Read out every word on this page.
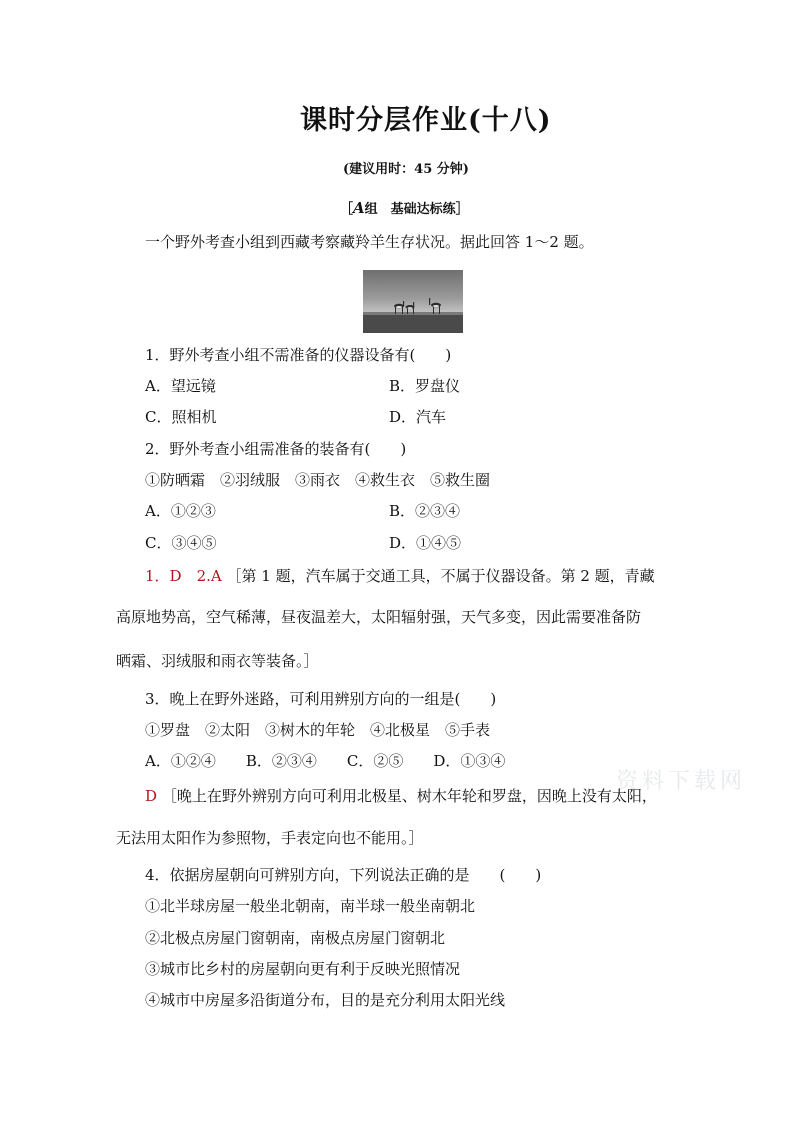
课时分层作业(十八)
(建议用时：45 分钟)
［A组　基础达标练］
一个野外考查小组到西藏考察藏羚羊生存状况。据此回答 1～2 题。
1．野外考查小组不需准备的仪器设备有(　　)
A．望远镜	B．罗盘仪
C．照相机	D．汽车
2．野外考查小组需准备的装备有(　　)
①防晒霜　②羽绒服　③雨衣　④救生衣　⑤救生圈
A．①②③	B．②③④
C．③④⑤	D．①④⑤
1．D　2.A ［第 1 题，汽车属于交通工具，不属于仪器设备。第 2 题，青藏
高原地势高，空气稀薄，昼夜温差大，太阳辐射强，天气多变，因此需要准备防
晒霜、羽绒服和雨衣等装备。］
3．晚上在野外迷路，可利用辨别方向的一组是(　　)
①罗盘　②太阳　③树木的年轮　④北极星　⑤手表
A．①②④　　B．②③④　　C．②⑤　　D．①③④
资料下载网
D ［晚上在野外辨别方向可利用北极星、树木年轮和罗盘，因晚上没有太阳，
无法用太阳作为参照物，手表定向也不能用。］
4．依据房屋朝向可辨别方向，下列说法正确的是　　(　　)
①北半球房屋一般坐北朝南，南半球一般坐南朝北
②北极点房屋门窗朝南，南极点房屋门窗朝北
③城市比乡村的房屋朝向更有利于反映光照情况
④城市中房屋多沿街道分布，目的是充分利用太阳光线
